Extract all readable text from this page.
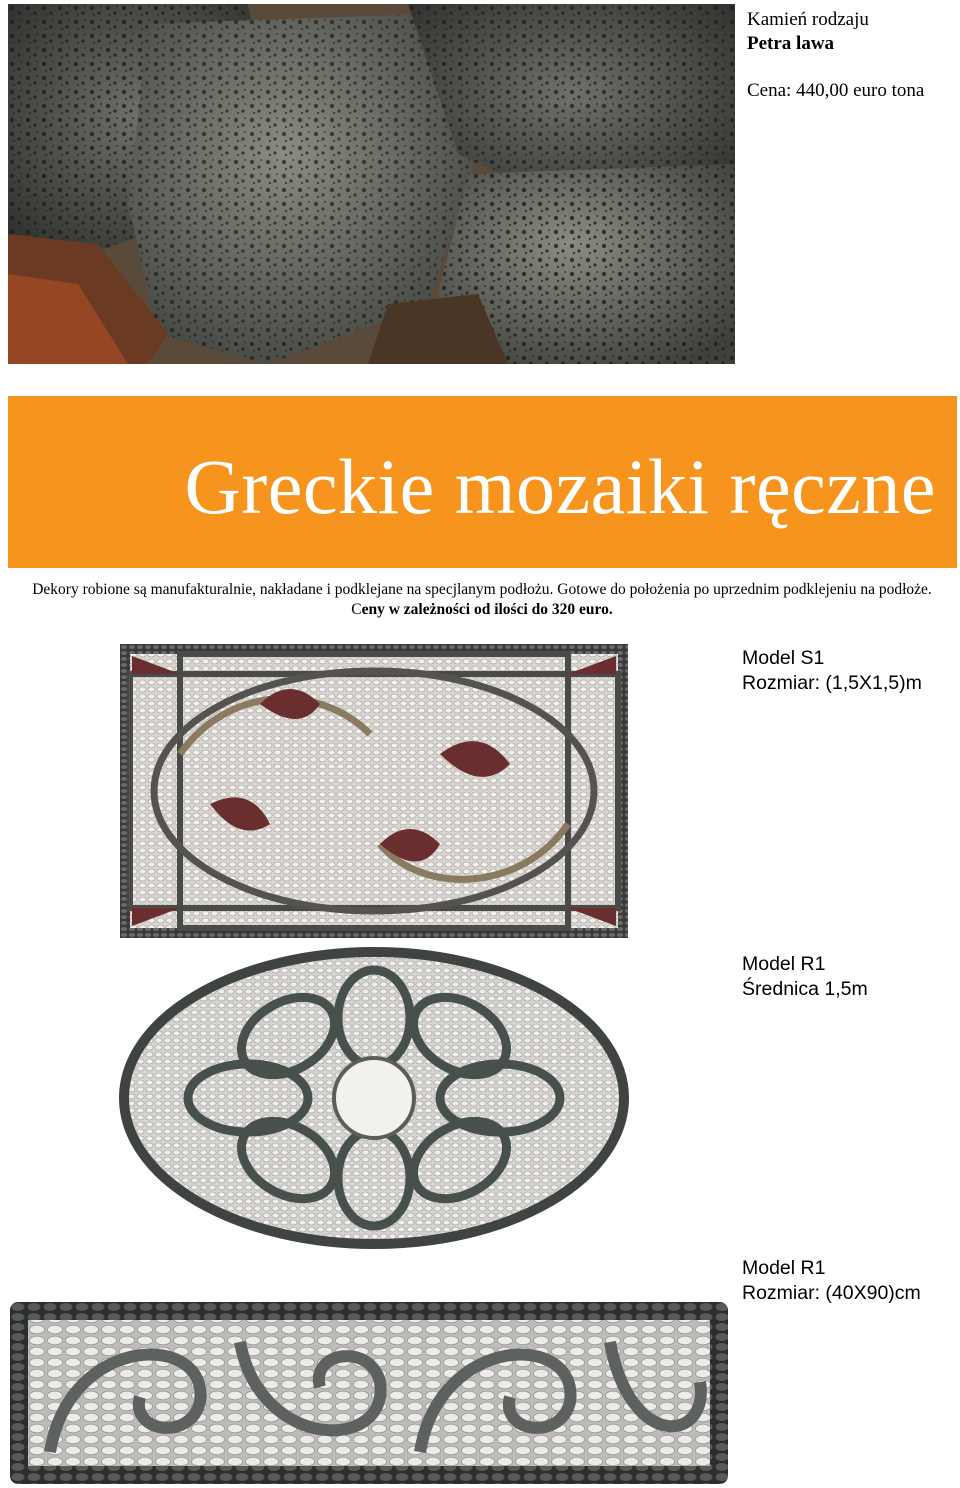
Kamień rodzaju
Petra lawa
Cena: 440,00 euro tona
Greckie mozaiki ręczne
Dekory robione są manufakturalnie, nakładane i podklejane na specjlanym podłożu. Gotowe do położenia po uprzednim podklejeniu na podłoże. Ceny w zależności od ilości do 320 euro.
Model S1
Rozmiar: (1,5X1,5)m
Model R1
Średnica 1,5m
Model R1
Rozmiar: (40X90)cm
